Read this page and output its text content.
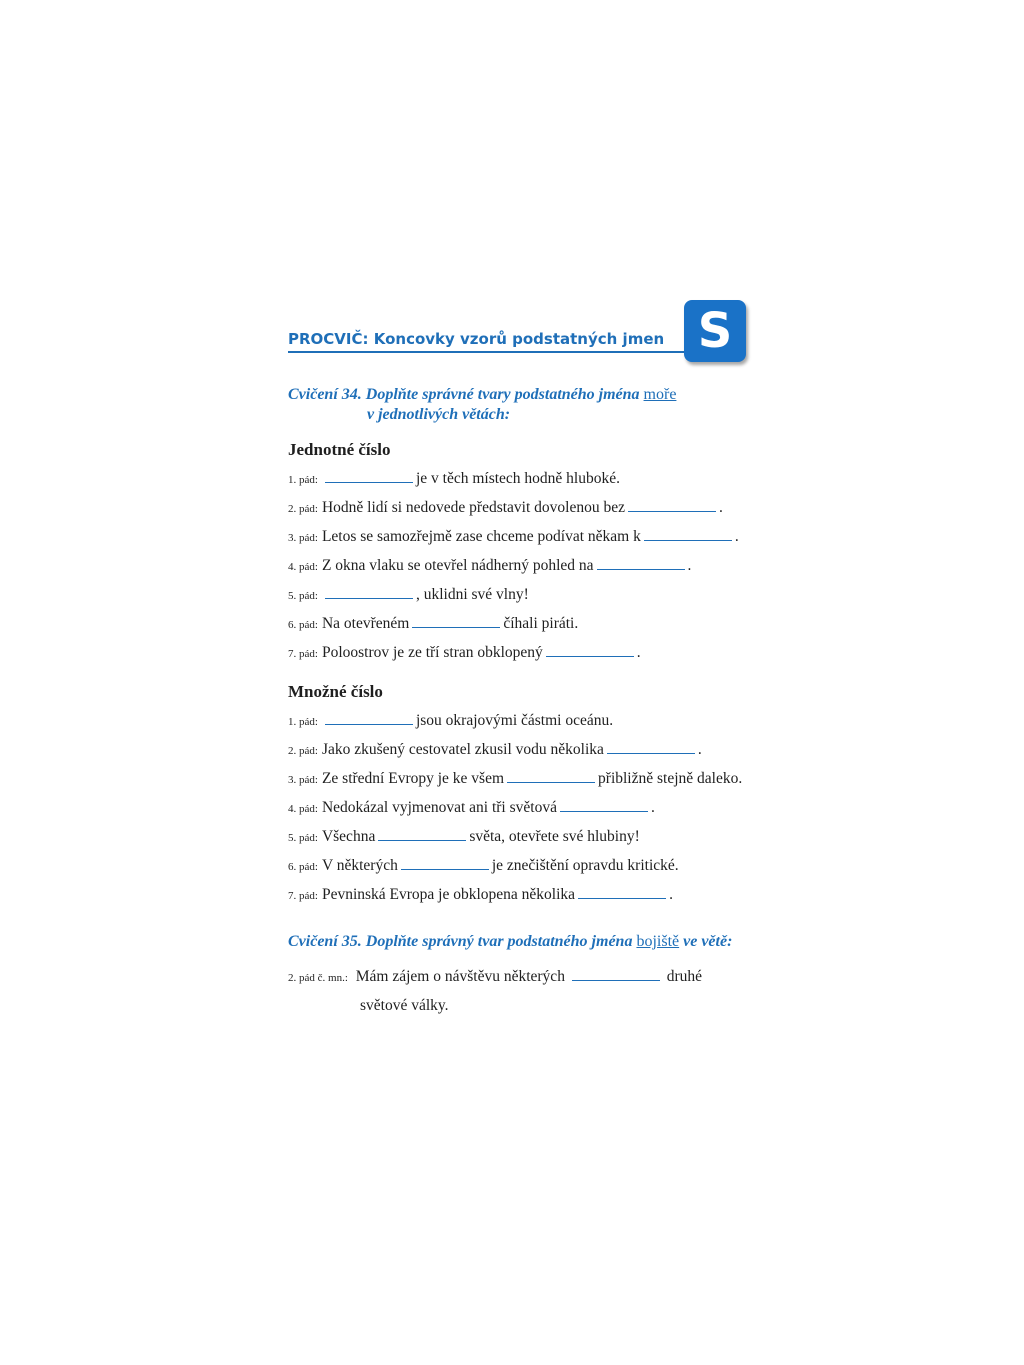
PROCVIČ: Koncovky vzorů podstatných jmen S
Cvičení 34. Doplňte správné tvary podstatného jména moře
v jednotlivých větách:
Jednotné číslo
1. pád:	je v těch místech hodně hluboké.
2. pád: Hodně lidí si nedovede představit dovolenou bez	.
3. pád: Letos se samozřejmě zase chceme podívat někam k	.
4. pád: Z okna vlaku se otevřel nádherný pohled na	.
5. pád:	, uklidni své vlny!
6. pád: Na otevřeném	číhali piráti.
7. pád: Poloostrov je ze tří stran obklopený	.
Množné číslo
1. pád:	jsou okrajovými částmi oceánu.
2. pád: Jako zkušený cestovatel zkusil vodu několika	.
3. pád: Ze střední Evropy je ke všem	přibližně stejně daleko.
4. pád: Nedokázal vyjmenovat ani tři světová	.
5. pád: Všechna	světa, otevřete své hlubiny!
6. pád: V některých	je znečištění opravdu kritické.
7. pád: Pevninská Evropa je obklopena několika	.
Cvičení 35. Doplňte správný tvar podstatného jména bojiště ve větě:
2. pád č. mn.: Mám zájem o návštěvu některých	druhé
světové války.
